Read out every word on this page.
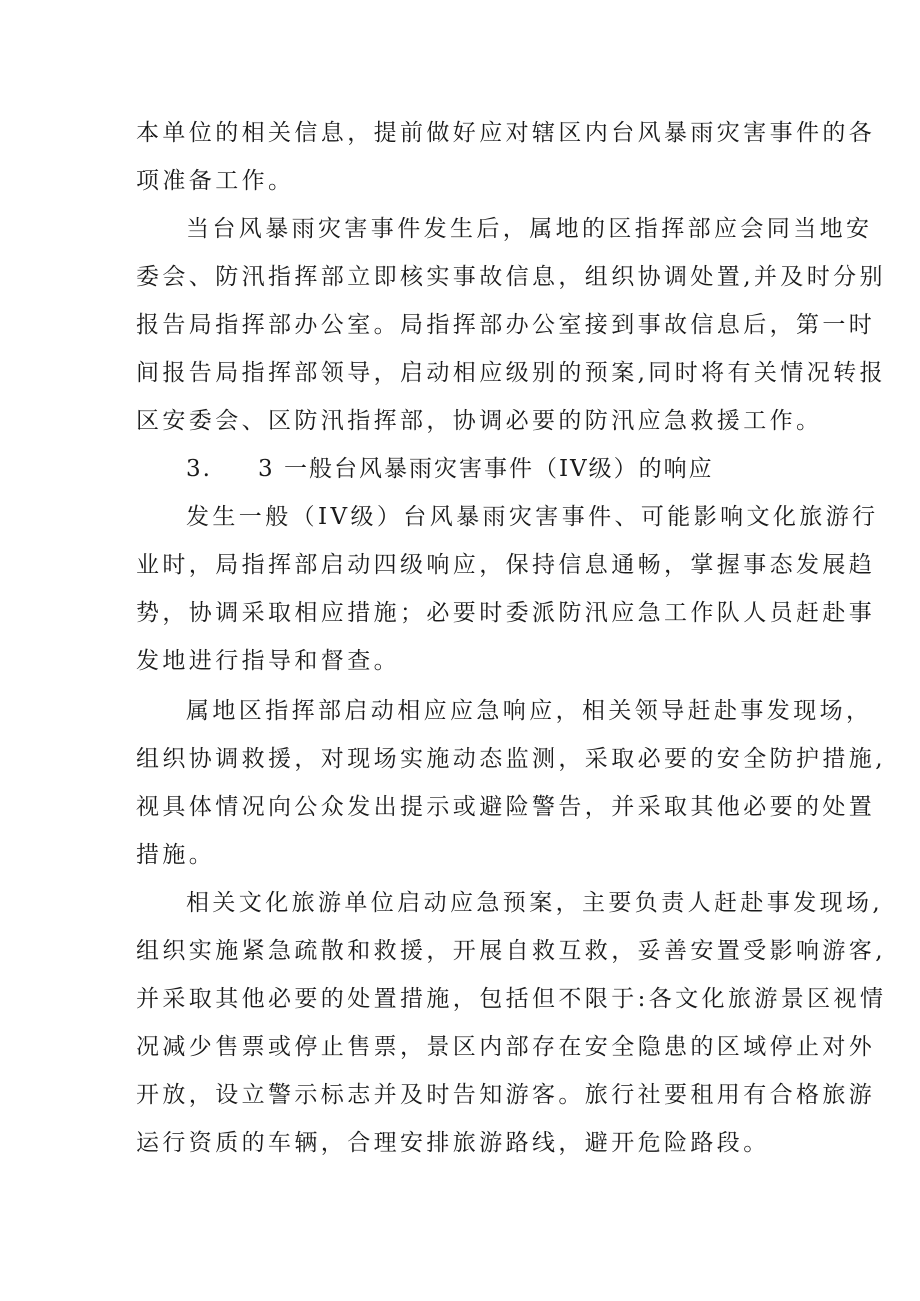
本单位的相关信息，提前做好应对辖区内台风暴雨灾害事件的各
项准备工作。
当台风暴雨灾害事件发生后，属地的区指挥部应会同当地安
委会、防汛指挥部立即核实事故信息，组织协调处置,并及时分别
报告局指挥部办公室。局指挥部办公室接到事故信息后，第一时
间报告局指挥部领导，启动相应级别的预案,同时将有关情况转报
区安委会、区防汛指挥部，协调必要的防汛应急救援工作。
3. 3 一般台风暴雨灾害事件（IV级）的响应
发生一般（IV级）台风暴雨灾害事件、可能影响文化旅游行
业时，局指挥部启动四级响应，保持信息通畅，掌握事态发展趋
势，协调采取相应措施；必要时委派防汛应急工作队人员赶赴事
发地进行指导和督查。
属地区指挥部启动相应应急响应，相关领导赶赴事发现场，
组织协调救援，对现场实施动态监测，采取必要的安全防护措施,
视具体情况向公众发出提示或避险警告，并采取其他必要的处置
措施。
相关文化旅游单位启动应急预案，主要负责人赶赴事发现场,
组织实施紧急疏散和救援，开展自救互救，妥善安置受影响游客,
并采取其他必要的处置措施，包括但不限于:各文化旅游景区视情
况减少售票或停止售票，景区内部存在安全隐患的区域停止对外
开放，设立警示标志并及时告知游客。旅行社要租用有合格旅游
运行资质的车辆，合理安排旅游路线，避开危险路段。
